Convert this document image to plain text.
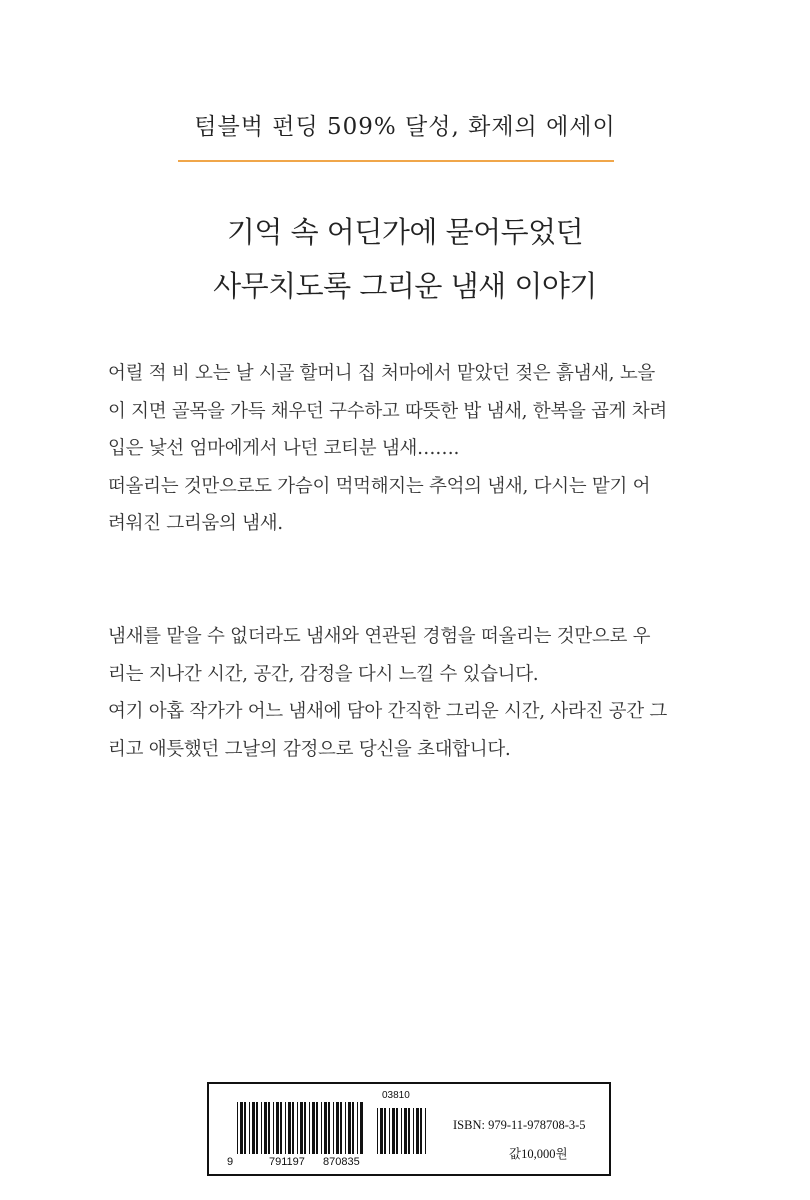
텀블벅 펀딩 509% 달성, 화제의 에세이
기억 속 어딘가에 묻어두었던
사무치도록 그리운 냄새 이야기
어릴 적 비 오는 날 시골 할머니 집 처마에서 맡았던 젖은 흙냄새, 노을
이 지면 골목을 가득 채우던 구수하고 따뜻한 밥 냄새, 한복을 곱게 차려
입은 낯선 엄마에게서 나던 코티분 냄새…….
떠올리는 것만으로도 가슴이 먹먹해지는 추억의 냄새, 다시는 맡기 어
려워진 그리움의 냄새.
냄새를 맡을 수 없더라도 냄새와 연관된 경험을 떠올리는 것만으로 우
리는 지나간 시간, 공간, 감정을 다시 느낄 수 있습니다.
여기 아홉 작가가 어느 냄새에 담아 간직한 그리운 시간, 사라진 공간 그
리고 애틋했던 그날의 감정으로 당신을 초대합니다.
03810
9	791197 870835
ISBN: 979-11-978708-3-5
값10,000원
